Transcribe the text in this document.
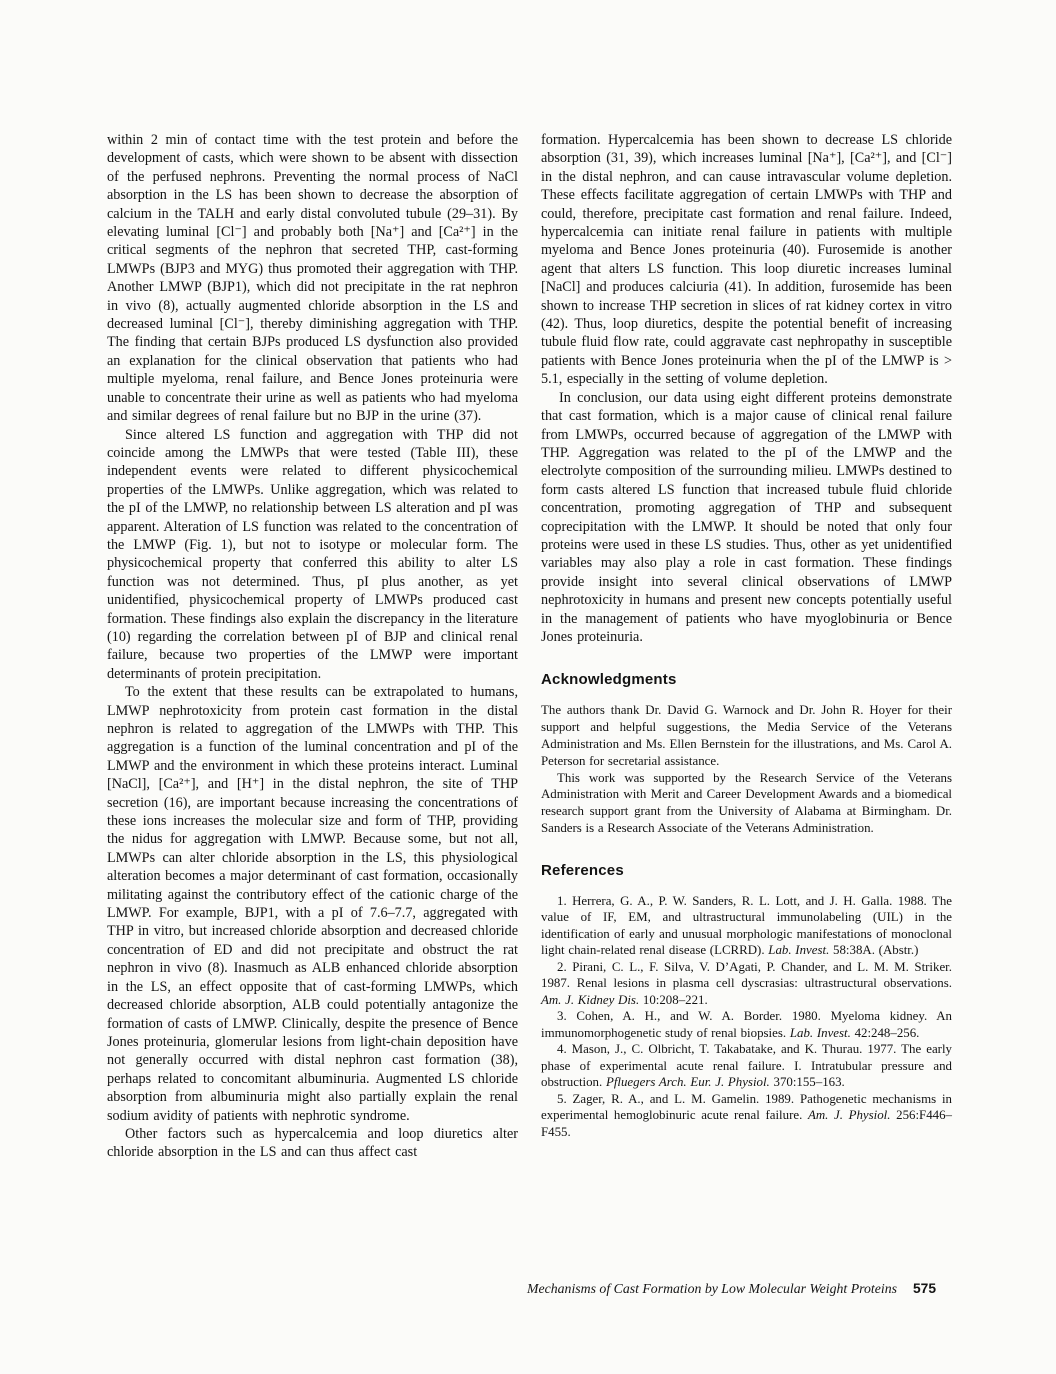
within 2 min of contact time with the test protein and before the development of casts, which were shown to be absent with dissection of the perfused nephrons. Preventing the normal process of NaCl absorption in the LS has been shown to decrease the absorption of calcium in the TALH and early distal convoluted tubule (29–31). By elevating luminal [Cl⁻] and probably both [Na⁺] and [Ca²⁺] in the critical segments of the nephron that secreted THP, cast-forming LMWPs (BJP3 and MYG) thus promoted their aggregation with THP. Another LMWP (BJP1), which did not precipitate in the rat nephron in vivo (8), actually augmented chloride absorption in the LS and decreased luminal [Cl⁻], thereby diminishing aggregation with THP. The finding that certain BJPs produced LS dysfunction also provided an explanation for the clinical observation that patients who had multiple myeloma, renal failure, and Bence Jones proteinuria were unable to concentrate their urine as well as patients who had myeloma and similar degrees of renal failure but no BJP in the urine (37).

Since altered LS function and aggregation with THP did not coincide among the LMWPs that were tested (Table III), these independent events were related to different physicochemical properties of the LMWPs. Unlike aggregation, which was related to the pI of the LMWP, no relationship between LS alteration and pI was apparent. Alteration of LS function was related to the concentration of the LMWP (Fig. 1), but not to isotype or molecular form. The physicochemical property that conferred this ability to alter LS function was not determined. Thus, pI plus another, as yet unidentified, physicochemical property of LMWPs produced cast formation. These findings also explain the discrepancy in the literature (10) regarding the correlation between pI of BJP and clinical renal failure, because two properties of the LMWP were important determinants of protein precipitation.

To the extent that these results can be extrapolated to humans, LMWP nephrotoxicity from protein cast formation in the distal nephron is related to aggregation of the LMWPs with THP. This aggregation is a function of the luminal concentration and pI of the LMWP and the environment in which these proteins interact. Luminal [NaCl], [Ca²⁺], and [H⁺] in the distal nephron, the site of THP secretion (16), are important because increasing the concentrations of these ions increases the molecular size and form of THP, providing the nidus for aggregation with LMWP. Because some, but not all, LMWPs can alter chloride absorption in the LS, this physiological alteration becomes a major determinant of cast formation, occasionally militating against the contributory effect of the cationic charge of the LMWP. For example, BJP1, with a pI of 7.6–7.7, aggregated with THP in vitro, but increased chloride absorption and decreased chloride concentration of ED and did not precipitate and obstruct the rat nephron in vivo (8). Inasmuch as ALB enhanced chloride absorption in the LS, an effect opposite that of cast-forming LMWPs, which decreased chloride absorption, ALB could potentially antagonize the formation of casts of LMWP. Clinically, despite the presence of Bence Jones proteinuria, glomerular lesions from light-chain deposition have not generally occurred with distal nephron cast formation (38), perhaps related to concomitant albuminuria. Augmented LS chloride absorption from albuminuria might also partially explain the renal sodium avidity of patients with nephrotic syndrome.

Other factors such as hypercalcemia and loop diuretics alter chloride absorption in the LS and can thus affect cast

formation. Hypercalcemia has been shown to decrease LS chloride absorption (31, 39), which increases luminal [Na⁺], [Ca²⁺], and [Cl⁻] in the distal nephron, and can cause intravascular volume depletion. These effects facilitate aggregation of certain LMWPs with THP and could, therefore, precipitate cast formation and renal failure. Indeed, hypercalcemia can initiate renal failure in patients with multiple myeloma and Bence Jones proteinuria (40). Furosemide is another agent that alters LS function. This loop diuretic increases luminal [NaCl] and produces calciuria (41). In addition, furosemide has been shown to increase THP secretion in slices of rat kidney cortex in vitro (42). Thus, loop diuretics, despite the potential benefit of increasing tubule fluid flow rate, could aggravate cast nephropathy in susceptible patients with Bence Jones proteinuria when the pI of the LMWP is > 5.1, especially in the setting of volume depletion.

In conclusion, our data using eight different proteins demonstrate that cast formation, which is a major cause of clinical renal failure from LMWPs, occurred because of aggregation of the LMWP with THP. Aggregation was related to the pI of the LMWP and the electrolyte composition of the surrounding milieu. LMWPs destined to form casts altered LS function that increased tubule fluid chloride concentration, promoting aggregation of THP and subsequent coprecipitation with the LMWP. It should be noted that only four proteins were used in these LS studies. Thus, other as yet unidentified variables may also play a role in cast formation. These findings provide insight into several clinical observations of LMWP nephrotoxicity in humans and present new concepts potentially useful in the management of patients who have myoglobinuria or Bence Jones proteinuria.

Acknowledgments

The authors thank Dr. David G. Warnock and Dr. John R. Hoyer for their support and helpful suggestions, the Media Service of the Veterans Administration and Ms. Ellen Bernstein for the illustrations, and Ms. Carol A. Peterson for secretarial assistance.

This work was supported by the Research Service of the Veterans Administration with Merit and Career Development Awards and a biomedical research support grant from the University of Alabama at Birmingham. Dr. Sanders is a Research Associate of the Veterans Administration.

References

1. Herrera, G. A., P. W. Sanders, R. L. Lott, and J. H. Galla. 1988. The value of IF, EM, and ultrastructural immunolabeling (UIL) in the identification of early and unusual morphologic manifestations of monoclonal light chain-related renal disease (LCRRD). Lab. Invest. 58:38A. (Abstr.)

2. Pirani, C. L., F. Silva, V. D’Agati, P. Chander, and L. M. M. Striker. 1987. Renal lesions in plasma cell dyscrasias: ultrastructural observations. Am. J. Kidney Dis. 10:208–221.

3. Cohen, A. H., and W. A. Border. 1980. Myeloma kidney. An immunomorphogenetic study of renal biopsies. Lab. Invest. 42:248–256.

4. Mason, J., C. Olbricht, T. Takabatake, and K. Thurau. 1977. The early phase of experimental acute renal failure. I. Intratubular pressure and obstruction. Pfluegers Arch. Eur. J. Physiol. 370:155–163.

5. Zager, R. A., and L. M. Gamelin. 1989. Pathogenetic mechanisms in experimental hemoglobinuric acute renal failure. Am. J. Physiol. 256:F446–F455.

Mechanisms of Cast Formation by Low Molecular Weight Proteins 575
